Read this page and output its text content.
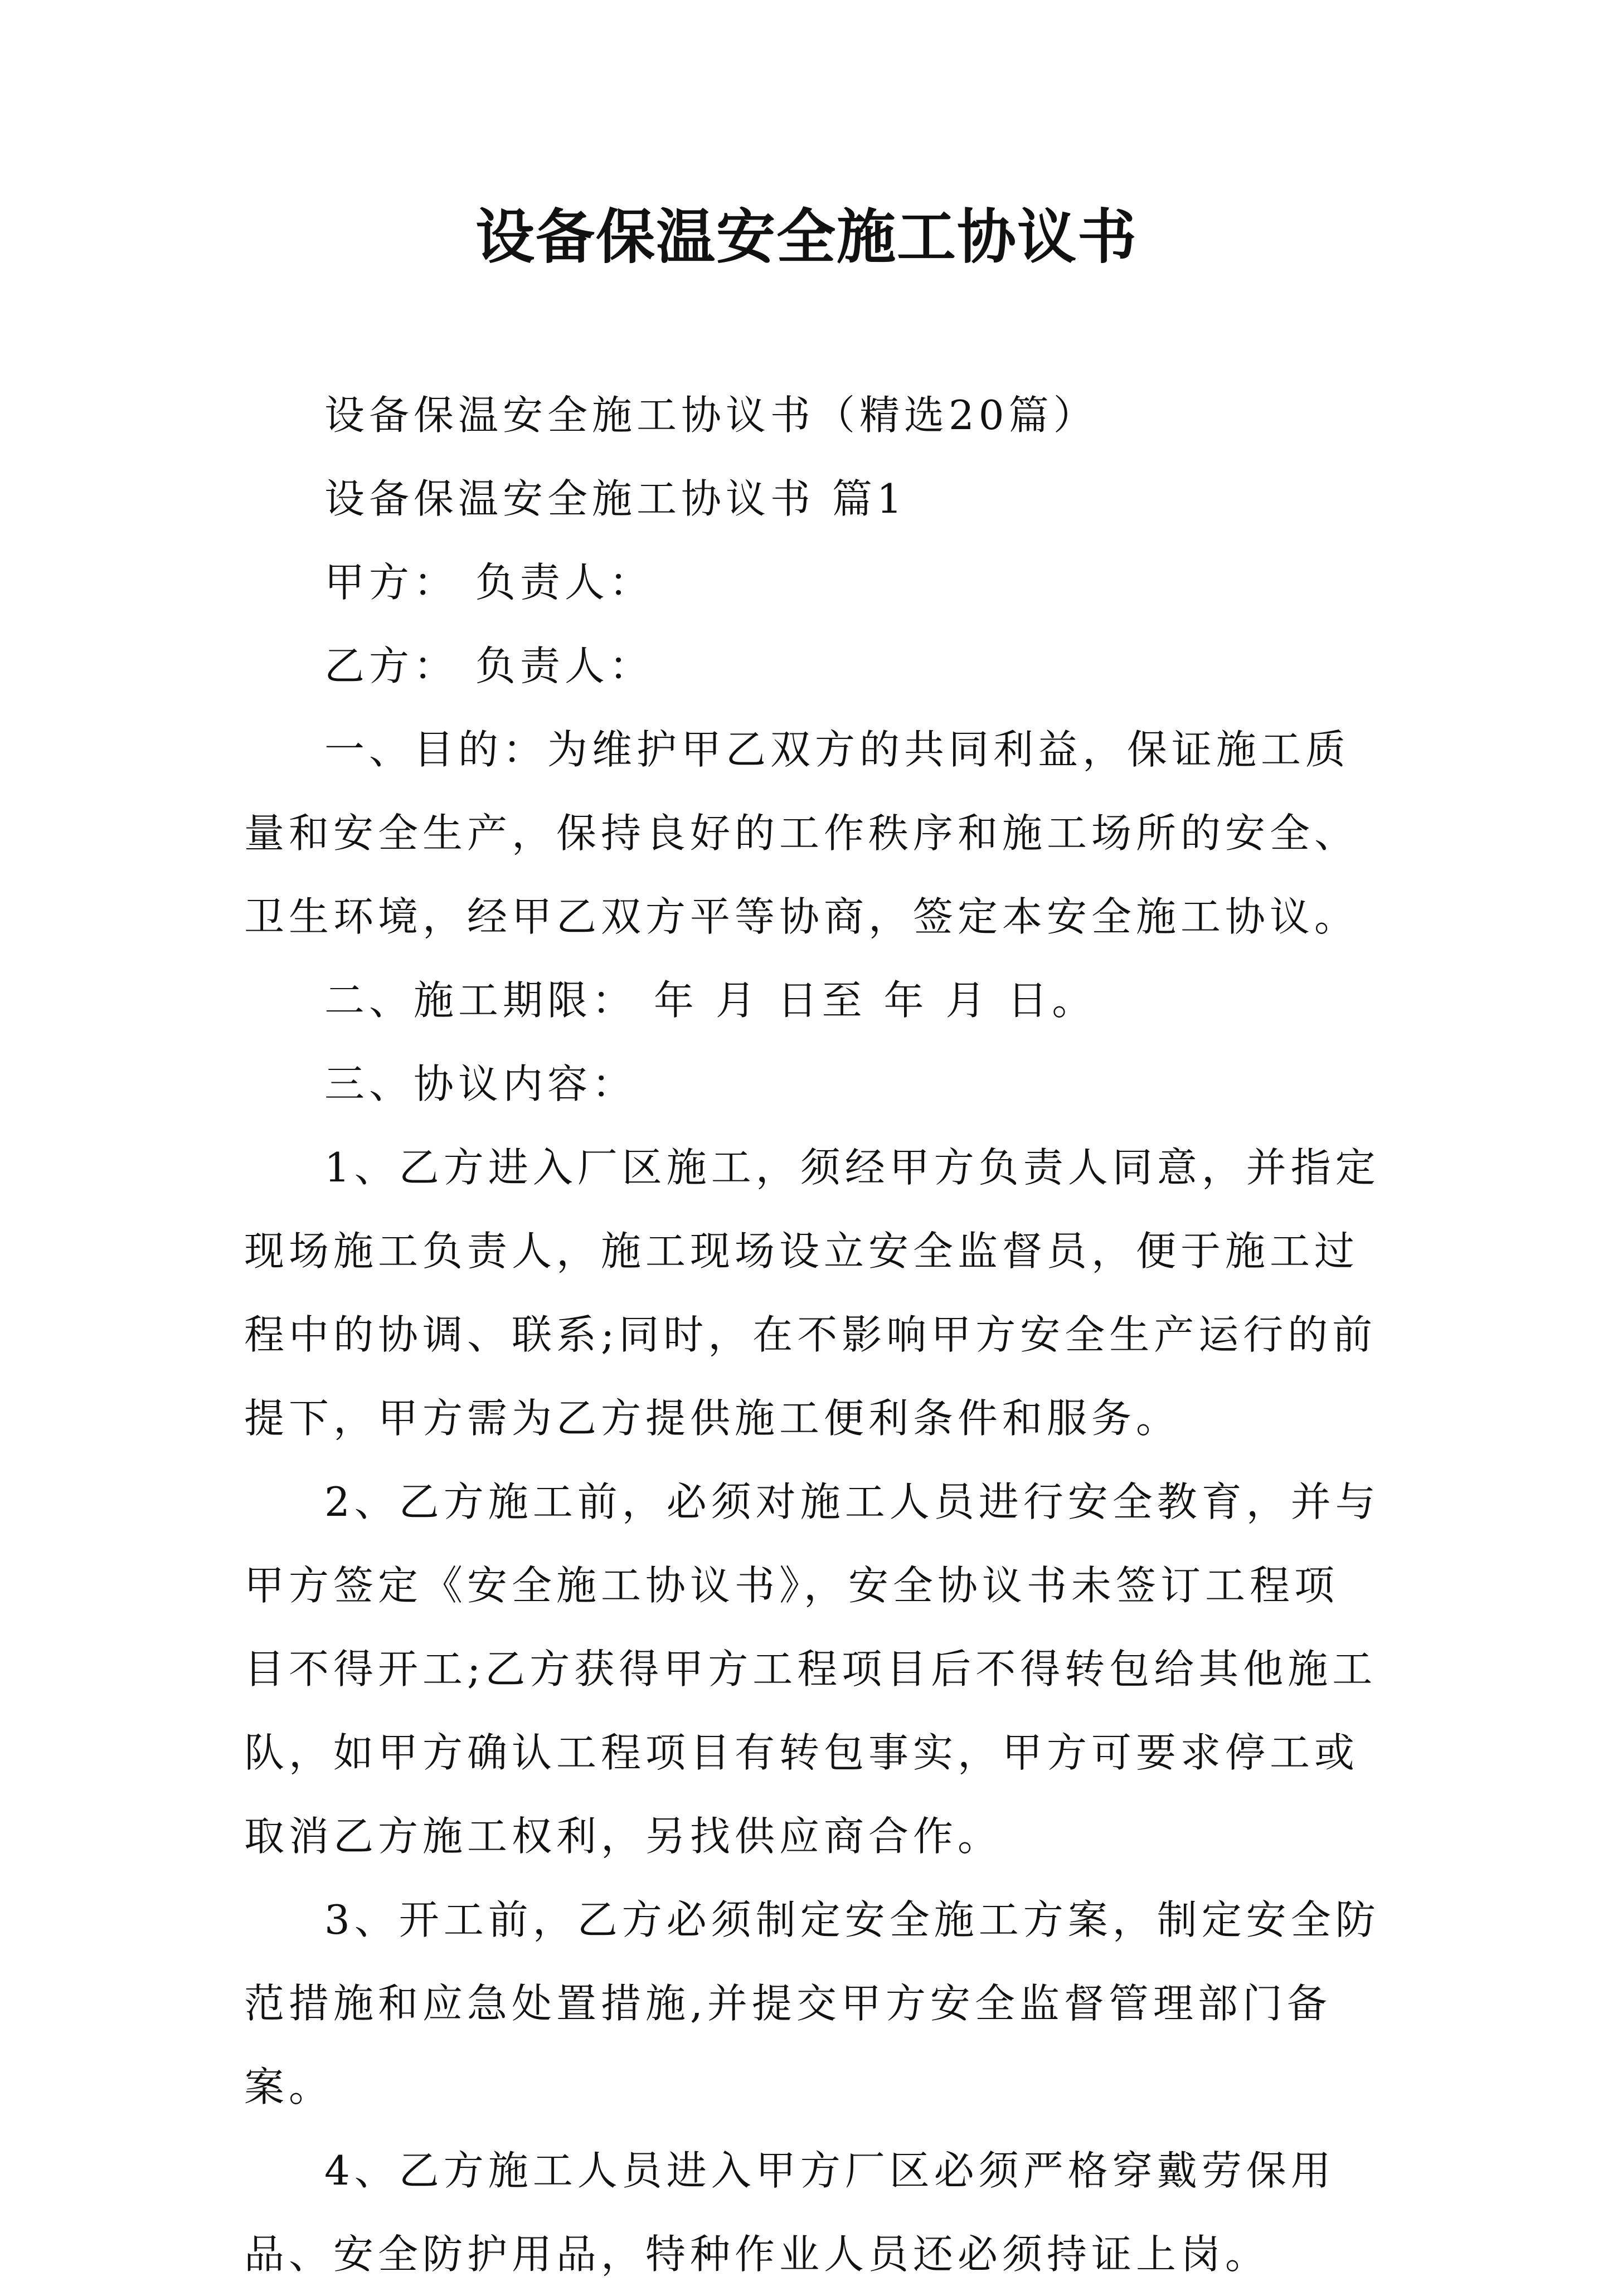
设备保温安全施工协议书

设备保温安全施工协议书（精选20篇）

设备保温安全施工协议书 篇1

甲方： 负责人：

乙方： 负责人：

一、目的：为维护甲乙双方的共同利益，保证施工质量和安全生产，保持良好的工作秩序和施工场所的安全、卫生环境，经甲乙双方平等协商，签定本安全施工协议。

二、施工期限： 年 月 日至 年 月 日。

三、协议内容：

1、乙方进入厂区施工，须经甲方负责人同意，并指定现场施工负责人，施工现场设立安全监督员，便于施工过程中的协调、联系;同时，在不影响甲方安全生产运行的前提下，甲方需为乙方提供施工便利条件和服务。

2、乙方施工前，必须对施工人员进行安全教育，并与甲方签定《安全施工协议书》，安全协议书未签订工程项目不得开工;乙方获得甲方工程项目后不得转包给其他施工队，如甲方确认工程项目有转包事实，甲方可要求停工或取消乙方施工权利，另找供应商合作。

3、开工前，乙方必须制定安全施工方案，制定安全防范措施和应急处置措施,并提交甲方安全监督管理部门备案。

4、乙方施工人员进入甲方厂区必须严格穿戴劳保用品、安全防护用品，特种作业人员还必须持证上岗。
